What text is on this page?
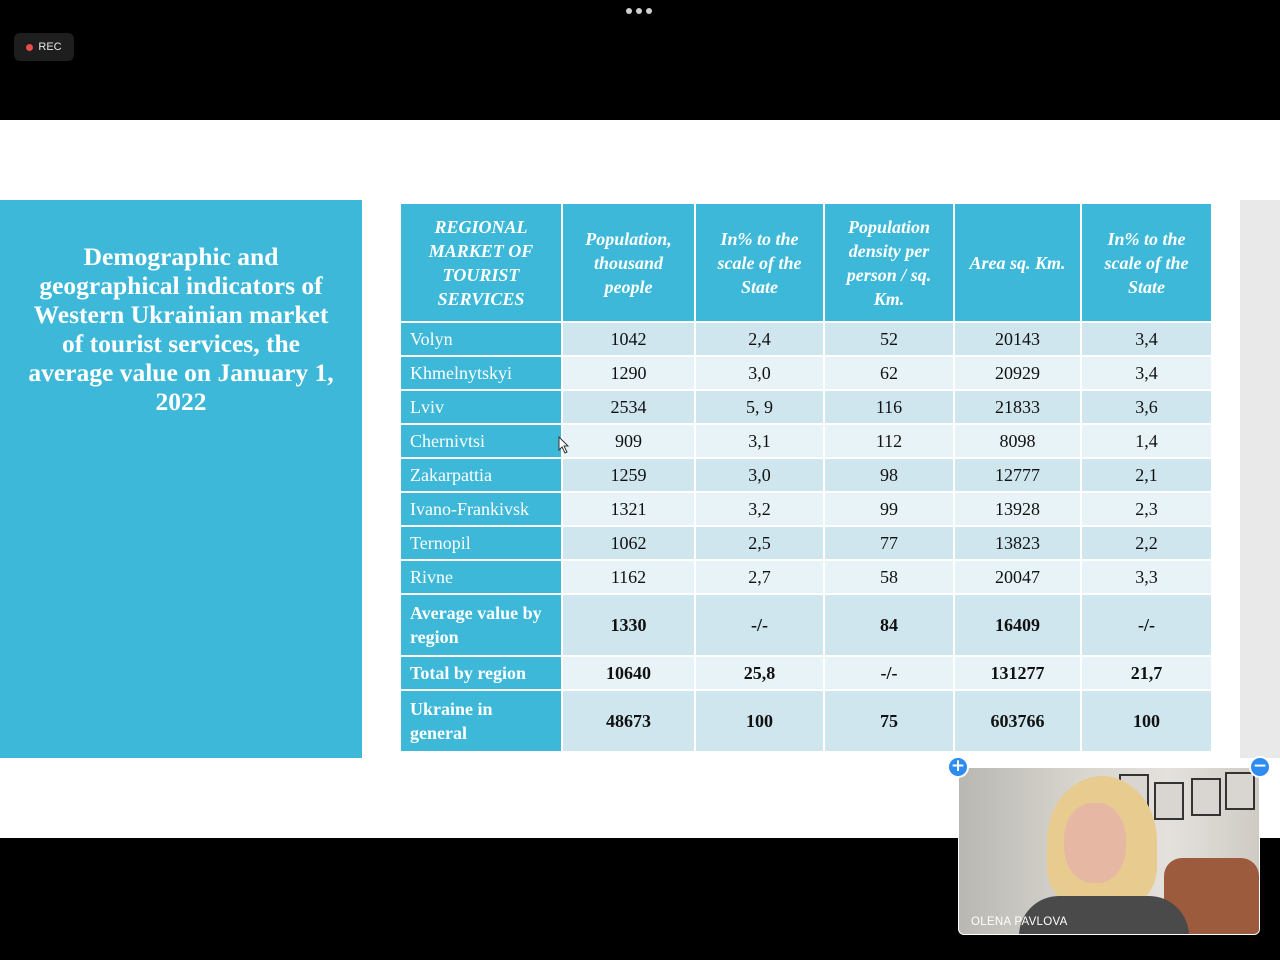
REC
Demographic and geographical indicators of Western Ukrainian market of tourist services, the average value on January 1, 2022
REGIONAL MARKET OF TOURIST SERVICES	Population, thousand people	In% to the scale of the State	Population density per person / sq. Km.	Area sq. Km.	In% to the scale of the State
Volyn	1042	2,4	52	20143	3,4
Khmelnytskyi	1290	3,0	62	20929	3,4
Lviv	2534	5, 9	116	21833	3,6
Chernivtsi	909	3,1	112	8098	1,4
Zakarpattia	1259	3,0	98	12777	2,1
Ivano-Frankivsk	1321	3,2	99	13928	2,3
Ternopil	1062	2,5	77	13823	2,2
Rivne	1162	2,7	58	20047	3,3
Average value by region	1330	-/-	84	16409	-/-
Total by region	10640	25,8	-/-	131277	21,7
Ukraine in general	48673	100	75	603766	100
OLENA PAVLOVA
+	−
